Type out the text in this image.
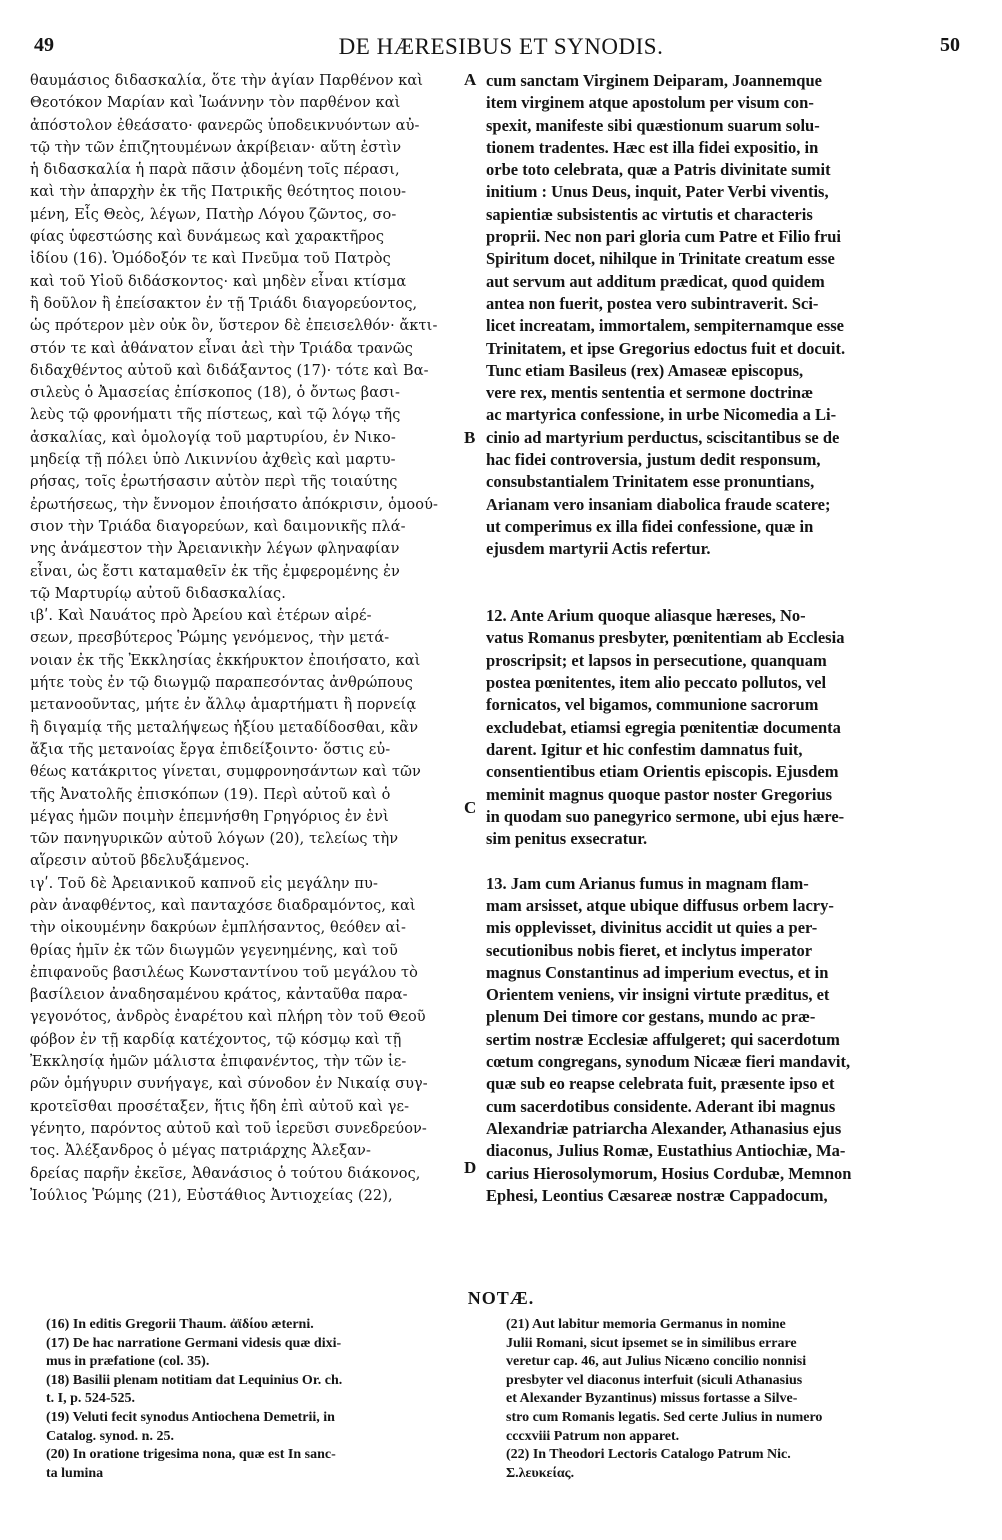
49	DE HÆRESIBUS ET SYNODIS.	50
θαυμάσιος διδασκαλία, ὅτε τὴν ἁγίαν Παρθένον καὶ
Θεοτόκον Μαρίαν καὶ Ἰωάννην τὸν παρθένον καὶ
ἀπόστολον ἐθεάσατο· φανερῶς ὑποδεικνυόντων αὐ-
τῷ τὴν τῶν ἐπιζητουμένων ἀκρίβειαν· αὕτη ἐστὶν
ἡ διδασκαλία ἡ παρὰ πᾶσιν ᾀδομένη τοῖς πέρασι,
καὶ τὴν ἀπαρχὴν ἐκ τῆς Πατρικῆς θεότητος ποιου-
μένη, Εἷς Θεὸς, λέγων, Πατὴρ Λόγου ζῶντος, σο-
φίας ὑφεστώσης καὶ δυνάμεως καὶ χαρακτῆρος
ἰδίου (16). Ὁμόδοξόν τε καὶ Πνεῦμα τοῦ Πατρὸς
καὶ τοῦ Υἱοῦ διδάσκοντος· καὶ μηδὲν εἶναι κτίσμα
ἢ δοῦλον ἢ ἐπείσακτον ἐν τῇ Τριάδι διαγορεύοντος,
ὡς πρότερον μὲν οὐκ ὂν, ὕστερον δὲ ἐπεισελθόν· ἄκτι-
στόν τε καὶ ἀθάνατον εἶναι ἀεὶ τὴν Τριάδα τρανῶς
διδαχθέντος αὐτοῦ καὶ διδάξαντος (17)· τότε καὶ Βα-
σιλεὺς ὁ Ἀμασείας ἐπίσκοπος (18), ὁ ὄντως βασι-
λεὺς τῷ φρονήματι τῆς πίστεως, καὶ τῷ λόγῳ τῆς
ἀσκαλίας, καὶ ὁμολογίᾳ τοῦ μαρτυρίου, ἐν Νικο-
μηδείᾳ τῇ πόλει ὑπὸ Λικιννίου ἀχθεὶς καὶ μαρτυ-
ρήσας, τοῖς ἐρωτήσασιν αὐτὸν περὶ τῆς τοιαύτης
ἐρωτήσεως, τὴν ἔννομον ἐποιήσατο ἀπόκρισιν, ὁμοού-
σιον τὴν Τριάδα διαγορεύων, καὶ δαιμονικῆς πλά-
νης ἀνάμεστον τὴν Ἀρειανικὴν λέγων φληναφίαν
εἶναι, ὡς ἔστι καταμαθεῖν ἐκ τῆς ἐμφερομένης ἐν
τῷ Μαρτυρίῳ αὐτοῦ διδασκαλίας.
ιβʹ. Καὶ Ναυάτος πρὸ Ἀρείου καὶ ἑτέρων αἱρέ-
σεων, πρεσβύτερος Ῥώμης γενόμενος, τὴν μετά-
νοιαν ἐκ τῆς Ἐκκλησίας ἐκκήρυκτον ἐποιήσατο, καὶ
μήτε τοὺς ἐν τῷ διωγμῷ παραπεσόντας ἀνθρώπους
μετανοοῦντας, μήτε ἐν ἄλλῳ ἁμαρτήματι ἢ πορνείᾳ
ἢ διγαμίᾳ τῆς μεταλήψεως ἠξίου μεταδίδοσθαι, κἂν
ἄξια τῆς μετανοίας ἔργα ἐπιδείξοιντο· ὅστις εὐ-
θέως κατάκριτος γίνεται, συμφρονησάντων καὶ τῶν
τῆς Ἀνατολῆς ἐπισκόπων (19). Περὶ αὐτοῦ καὶ ὁ
μέγας ἡμῶν ποιμὴν ἐπεμνήσθη Γρηγόριος ἐν ἑνὶ
τῶν πανηγυρικῶν αὐτοῦ λόγων (20), τελείως τὴν
αἵρεσιν αὐτοῦ βδελυξάμενος.
ιγʹ. Τοῦ δὲ Ἀρειανικοῦ καπνοῦ εἰς μεγάλην πυ-
ρὰν ἀναφθέντος, καὶ πανταχόσε διαδραμόντος, καὶ
τὴν οἰκουμένην δακρύων ἐμπλήσαντος, θεόθεν αἰ-
θρίας ἡμῖν ἐκ τῶν διωγμῶν γεγενημένης, καὶ τοῦ
ἐπιφανοῦς βασιλέως Κωνσταντίνου τοῦ μεγάλου τὸ
βασίλειον ἀναδησαμένου κράτος, κἀνταῦθα παρα-
γεγονότος, ἀνδρὸς ἐναρέτου καὶ πλήρη τὸν τοῦ Θεοῦ
φόβον ἐν τῇ καρδίᾳ κατέχοντος, τῷ κόσμῳ καὶ τῇ
Ἐκκλησίᾳ ἡμῶν μάλιστα ἐπιφανέντος, τὴν τῶν ἱε-
ρῶν ὁμήγυριν συνήγαγε, καὶ σύνοδον ἐν Νικαίᾳ συγ-
κροτεῖσθαι προσέταξεν, ἥτις ἤδη ἐπὶ αὐτοῦ καὶ γε-
γένητο, παρόντος αὐτοῦ καὶ τοῦ ἱερεῦσι συνεδρεύον-
τος. Ἀλέξανδρος ὁ μέγας πατριάρχης Ἀλεξαν-
δρείας παρῆν ἐκεῖσε, Ἀθανάσιος ὁ τούτου διάκονος,
Ἰούλιος Ῥώμης (21), Εὐστάθιος Ἀντιοχείας (22),
cum sanctam Virginem Deiparam, Joannemque
item virginem atque apostolum per visum con-
spexit, manifeste sibi quæstionum suarum solu-
tionem tradentes. Hæc est illa fidei expositio, in
orbe toto celebrata, quæ a Patris divinitate sumit
initium : Unus Deus, inquit, Pater Verbi viventis,
sapientiæ subsistentis ac virtutis et characteris
proprii. Nec non pari gloria cum Patre et Filio frui
Spiritum docet, nihilque in Trinitate creatum esse
aut servum aut additum prædicat, quod quidem
antea non fuerit, postea vero subintraverit. Sci-
licet increatam, immortalem, sempiternamque esse
Trinitatem, et ipse Gregorius edoctus fuit et docuit.
Tunc etiam Basileus (rex) Amaseæ episcopus,
vere rex, mentis sententia et sermone doctrinæ
ac martyrica confessione, in urbe Nicomedia a Li-
cinio ad martyrium perductus, sciscitantibus se de
hac fidei controversia, justum dedit responsum,
consubstantialem Trinitatem esse pronuntians,
Arianam vero insaniam diabolica fraude scatere;
ut comperimus ex illa fidei confessione, quæ in
ejusdem martyrii Actis refertur.
12. Ante Arium quoque aliasque hæreses, No-
vatus Romanus presbyter, pœnitentiam ab Ecclesia
proscripsit; et lapsos in persecutione, quanquam
postea pœnitentes, item alio peccato pollutos, vel
fornicatos, vel bigamos, communione sacrorum
excludebat, etiamsi egregia pœnitentiæ documenta
darent. Igitur et hic confestim damnatus fuit,
consentientibus etiam Orientis episcopis. Ejusdem
meminit magnus quoque pastor noster Gregorius
in quodam suo panegyrico sermone, ubi ejus hære-
sim penitus exsecratur.
13. Jam cum Arianus fumus in magnam flam-
mam arsisset, atque ubique diffusus orbem lacry-
mis opplevisset, divinitus accidit ut quies a per-
secutionibus nobis fieret, et inclytus imperator
magnus Constantinus ad imperium evectus, et in
Orientem veniens, vir insigni virtute præditus, et
plenum Dei timore cor gestans, mundo ac præ-
sertim nostræ Ecclesiæ affulgeret; qui sacerdotum
cœtum congregans, synodum Nicææ fieri mandavit,
quæ sub eo reapse celebrata fuit, præsente ipso et
cum sacerdotibus considente. Aderant ibi magnus
Alexandriæ patriarcha Alexander, Athanasius ejus
diaconus, Julius Romæ, Eustathius Antiochiæ, Ma-
carius Hierosolymorum, Hosius Cordubæ, Memnon
Ephesi, Leontius Cæsareæ nostræ Cappadocum,
A
B
C
D
NOTÆ.
(16) In editis Gregorii Thaum. ἀϊδίου æterni.
(17) De hac narratione Germani videsis quæ dixi-
mus in præfatione (col. 35).
(18) Basilii plenam notitiam dat Lequinius Or. ch.
t. I, p. 524-525.
(19) Veluti fecit synodus Antiochena Demetrii, in
Catalog. synod. n. 25.
(20) In oratione trigesima nona, quæ est In sanc-
ta lumina
(21) Aut labitur memoria Germanus in nomine
Julii Romani, sicut ipsemet se in similibus errare
veretur cap. 46, aut Julius Nicæno concilio nonnisi
presbyter vel diaconus interfuit (siculi Athanasius
et Alexander Byzantinus) missus fortasse a Silve-
stro cum Romanis legatis. Sed certe Julius in numero
cccxviii Patrum non apparet.
(22) In Theodori Lectoris Catalogo Patrum Nic.
Σ.λευκείας.
